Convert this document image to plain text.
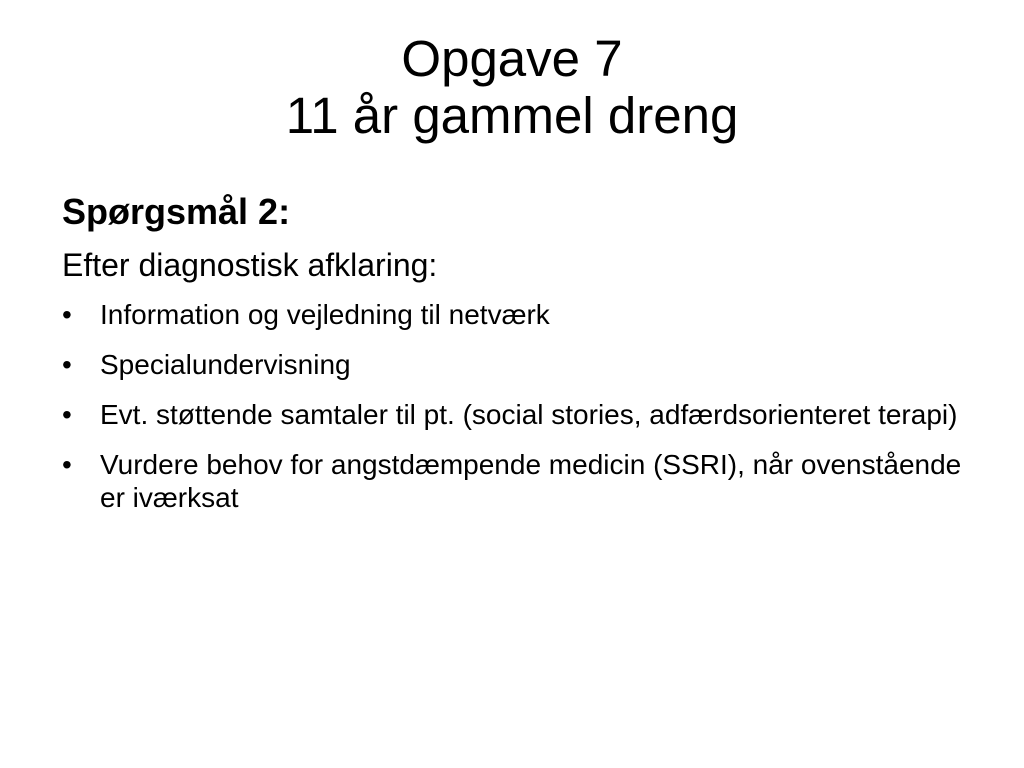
Opgave 7
11 år gammel dreng

Spørgsmål 2:

Efter diagnostisk afklaring:

•	Information og vejledning til netværk
•	Specialundervisning
•	Evt. støttende samtaler til pt. (social stories, adfærdsorienteret terapi)
•	Vurdere behov for angstdæmpende medicin (SSRI), når ovenstående er iværksat
